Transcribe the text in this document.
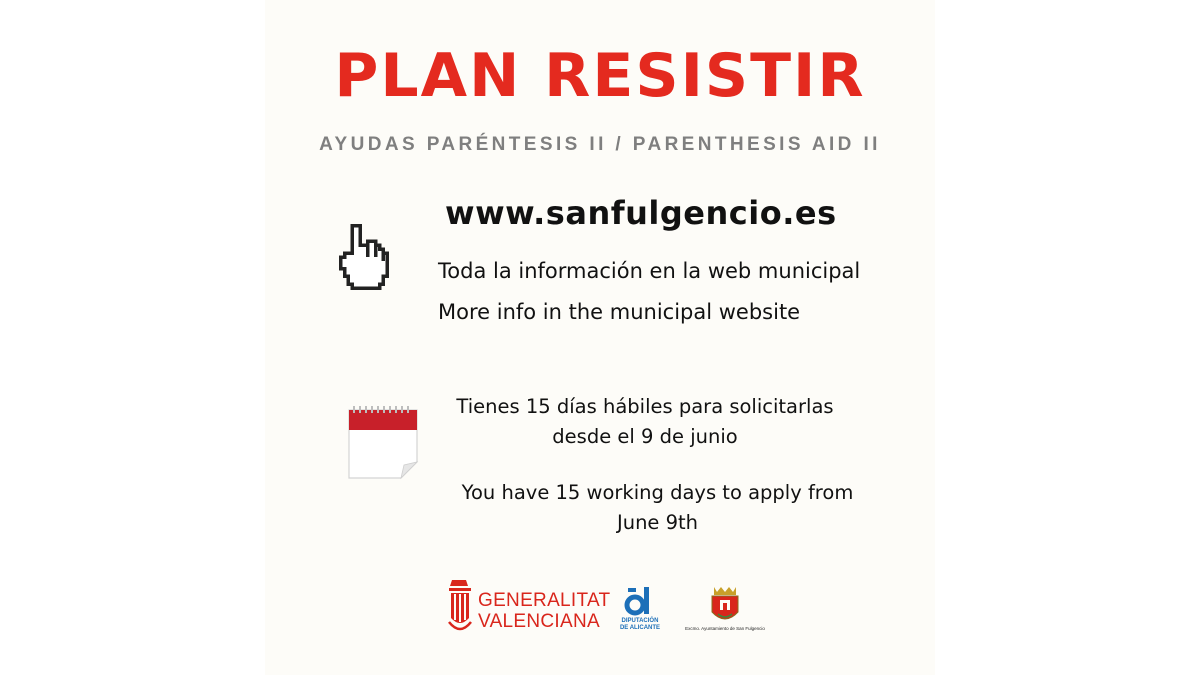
PLAN RESISTIR
AYUDAS PARÉNTESIS II / PARENTHESIS AID II
www.sanfulgencio.es
Toda la información en la web municipal
More info in the municipal website
Tienes 15 días hábiles para solicitarlas
desde el 9 de junio
You have 15 working days to apply from
June 9th
GENERALITAT
VALENCIANA	DIPUTACIÓN
DE ALICANTE	Excmo. Ayuntamiento de San Fulgencio
